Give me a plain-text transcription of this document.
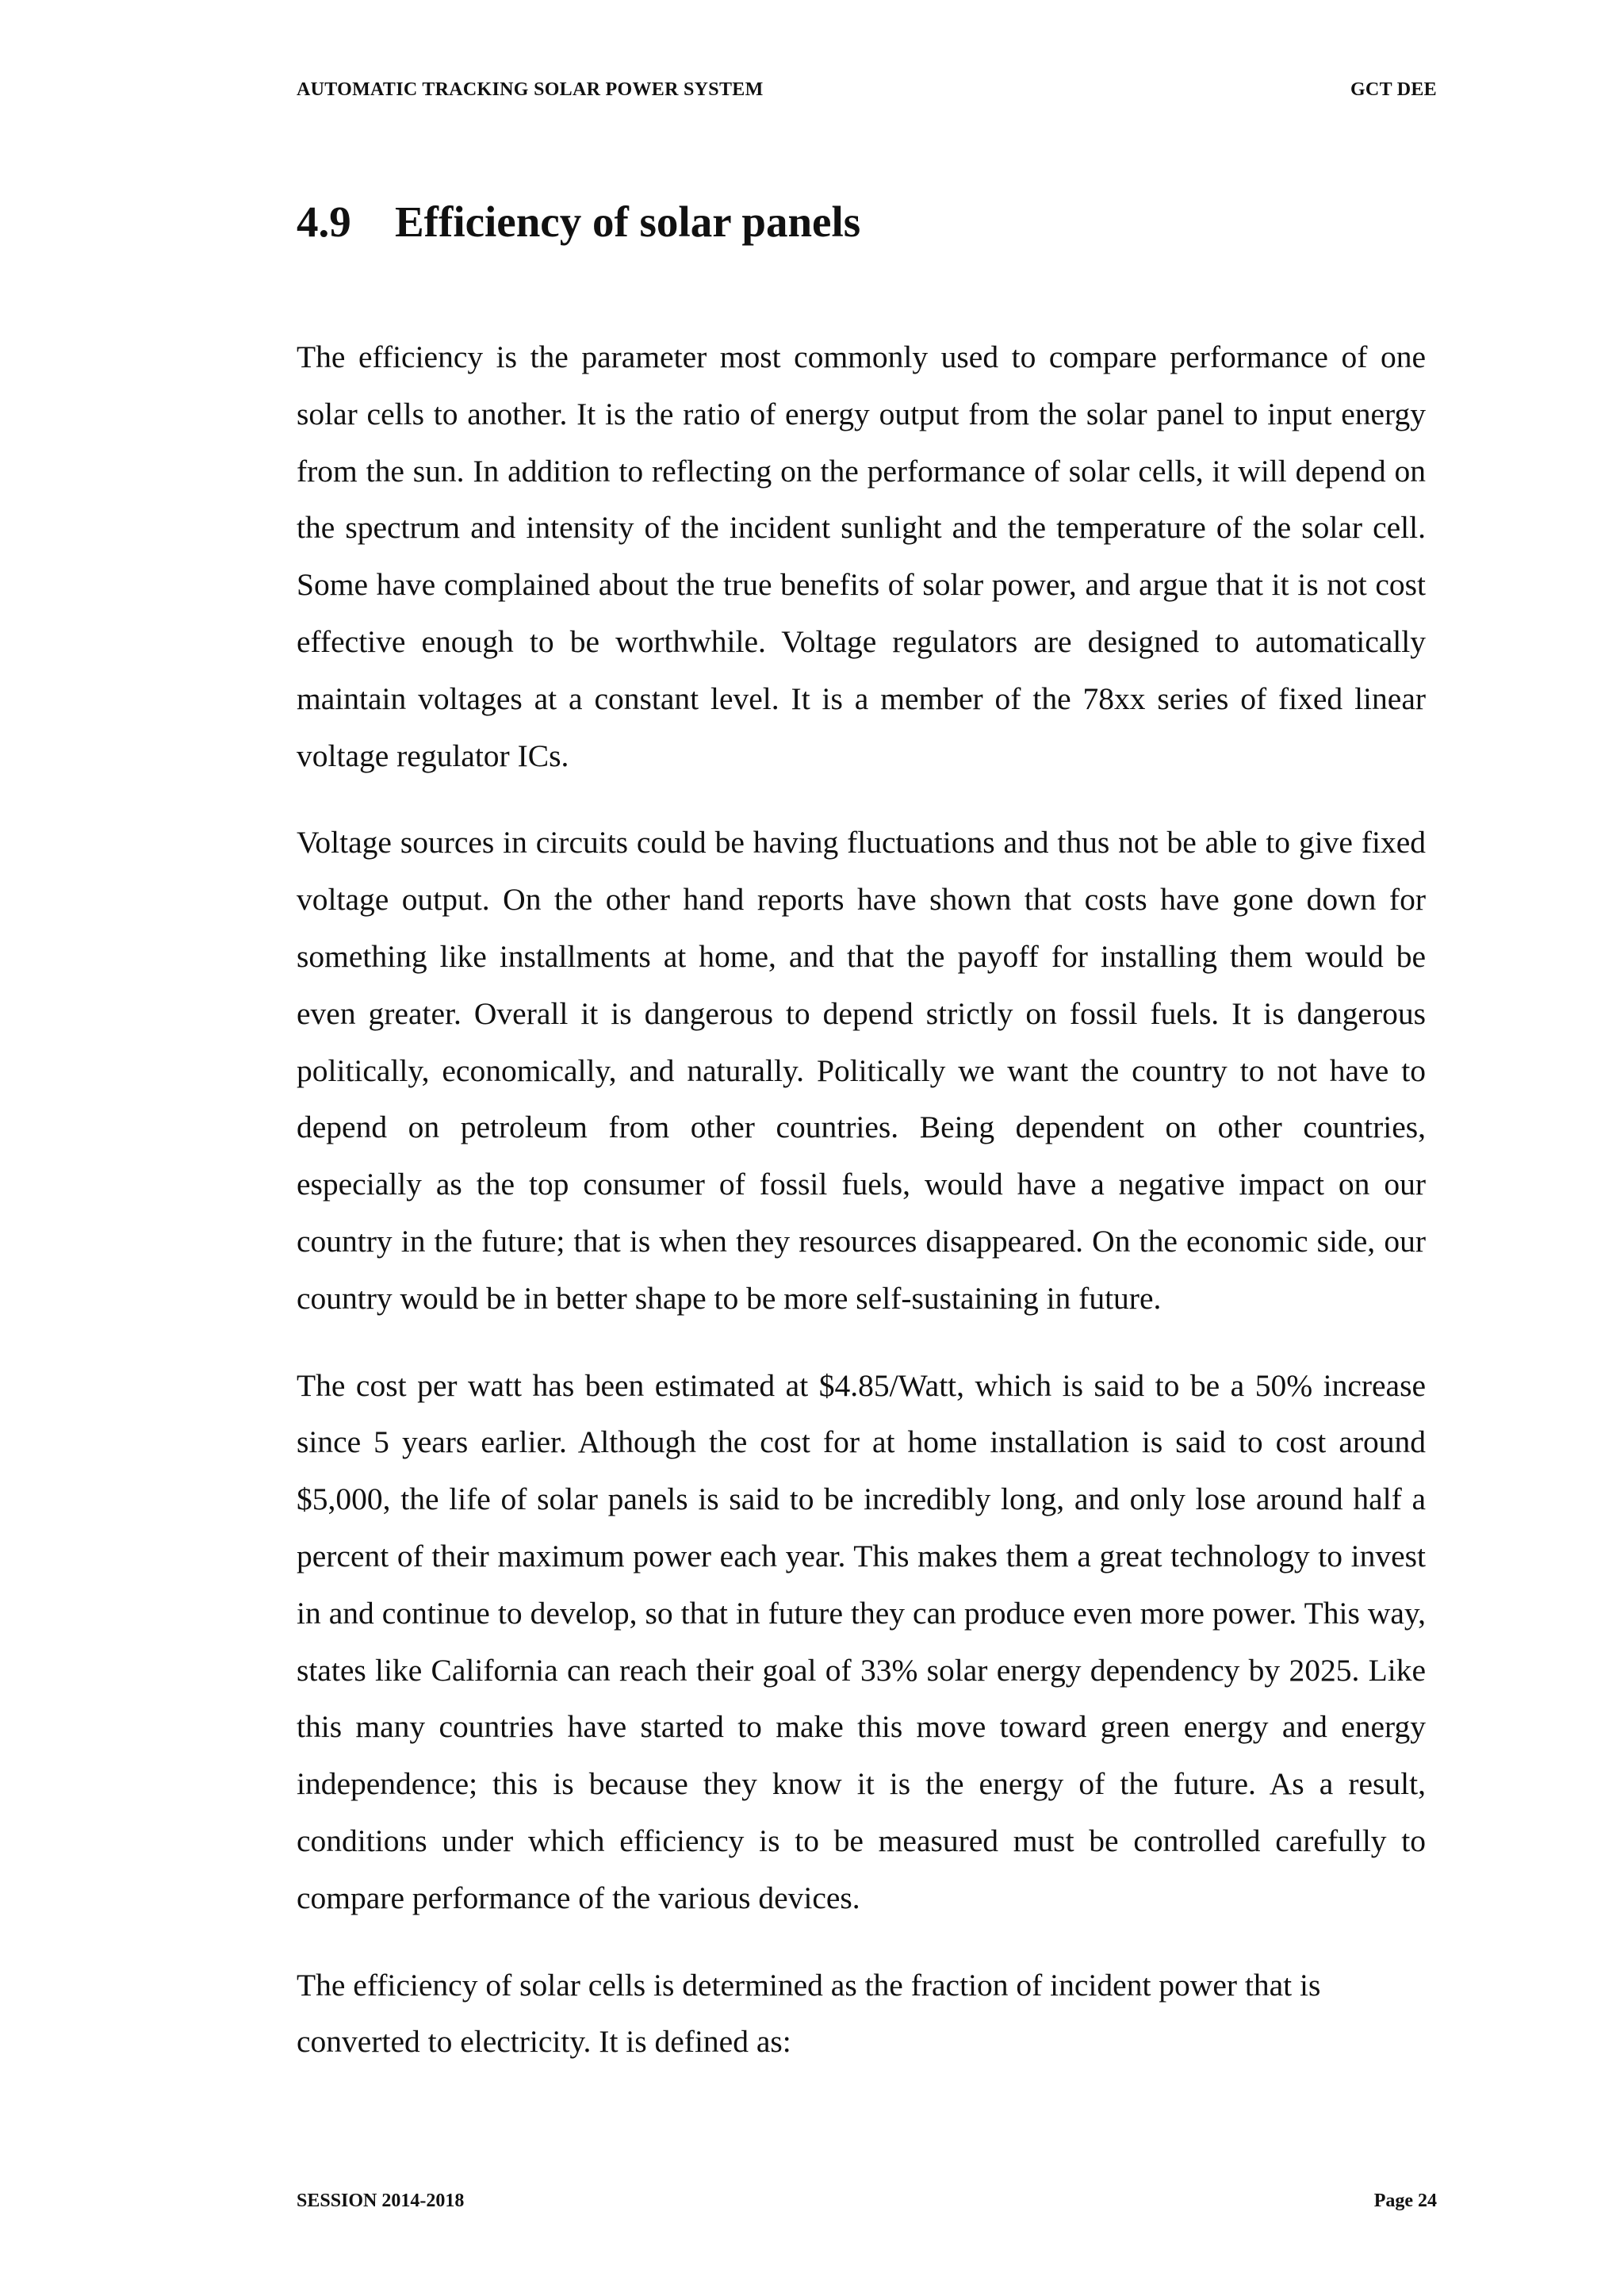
AUTOMATIC TRACKING SOLAR POWER SYSTEM	GCT DEE
4.9	Efficiency of solar panels

The efficiency is the parameter most commonly used to compare performance of one solar cells to another. It is the ratio of energy output from the solar panel to input energy from the sun. In addition to reflecting on the performance of solar cells, it will depend on the spectrum and intensity of the incident sunlight and the temperature of the solar cell. Some have complained about the true benefits of solar power, and argue that it is not cost effective enough to be worthwhile. Voltage regulators are designed to automatically maintain voltages at a constant level. It is a member of the 78xx series of fixed linear voltage regulator ICs.

Voltage sources in circuits could be having fluctuations and thus not be able to give fixed voltage output. On the other hand reports have shown that costs have gone down for something like installments at home, and that the payoff for installing them would be even greater. Overall it is dangerous to depend strictly on fossil fuels. It is dangerous politically, economically, and naturally. Politically we want the country to not have to depend on petroleum from other countries. Being dependent on other countries, especially as the top consumer of fossil fuels, would have a negative impact on our country in the future; that is when they resources disappeared. On the economic side, our country would be in better shape to be more self-sustaining in future.

The cost per watt has been estimated at $4.85/Watt, which is said to be a 50% increase since 5 years earlier. Although the cost for at home installation is said to cost around $5,000, the life of solar panels is said to be incredibly long, and only lose around half a percent of their maximum power each year. This makes them a great technology to invest in and continue to develop, so that in future they can produce even more power. This way, states like California can reach their goal of 33% solar energy dependency by 2025. Like this many countries have started to make this move toward green energy and energy independence; this is because they know it is the energy of the future. As a result, conditions under which efficiency is to be measured must be controlled carefully to compare performance of the various devices.

The efficiency of solar cells is determined as the fraction of incident power that is converted to electricity. It is defined as:

SESSION 2014-2018	Page 24
